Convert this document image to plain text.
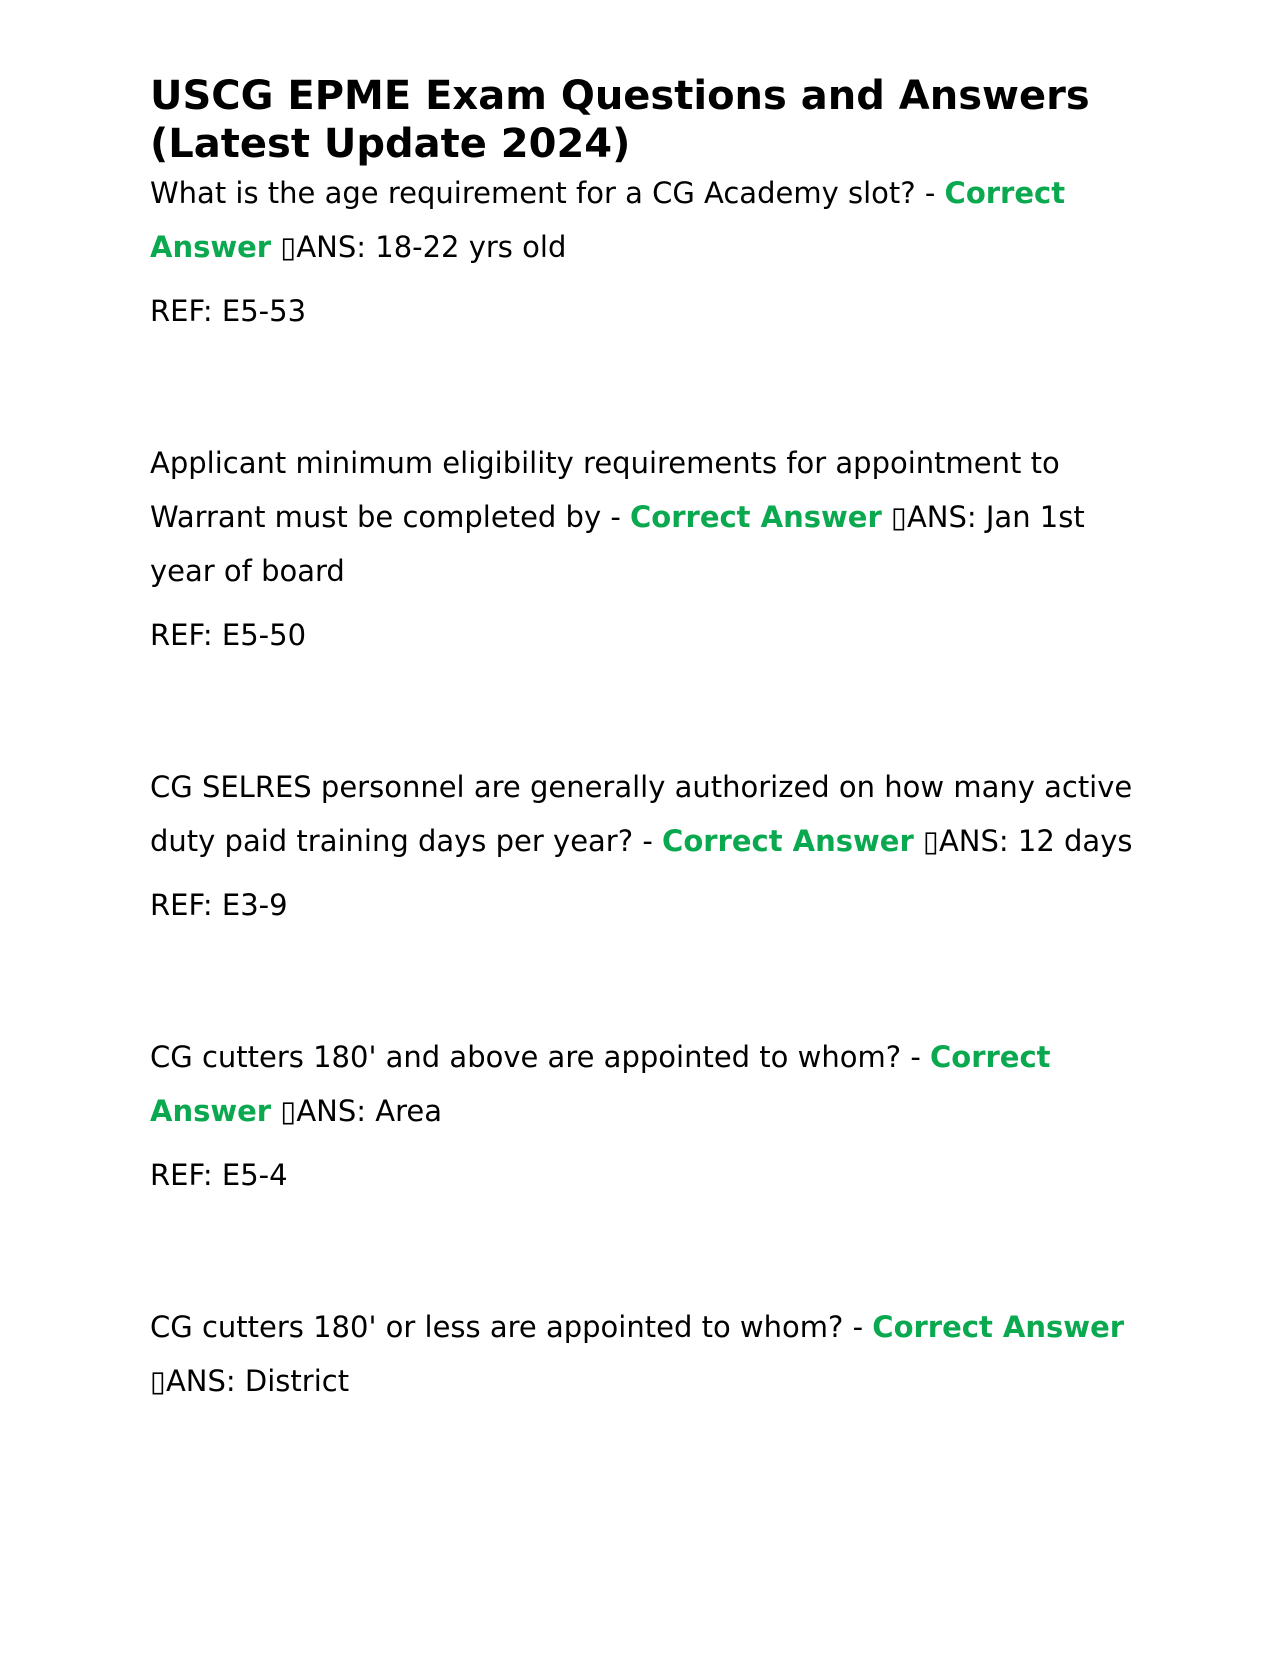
USCG EPME Exam Questions and Answers (Latest Update 2024)

What is the age requirement for a CG Academy slot? - Correct Answer ▯ANS: 18-22 yrs old

REF: E5-53

Applicant minimum eligibility requirements for appointment to Warrant must be completed by - Correct Answer ▯ANS: Jan 1st year of board

REF: E5-50

CG SELRES personnel are generally authorized on how many active duty paid training days per year? - Correct Answer ▯ANS: 12 days

REF: E3-9

CG cutters 180' and above are appointed to whom? - Correct Answer ▯ANS: Area

REF: E5-4

CG cutters 180' or less are appointed to whom? - Correct Answer ▯ANS: District
